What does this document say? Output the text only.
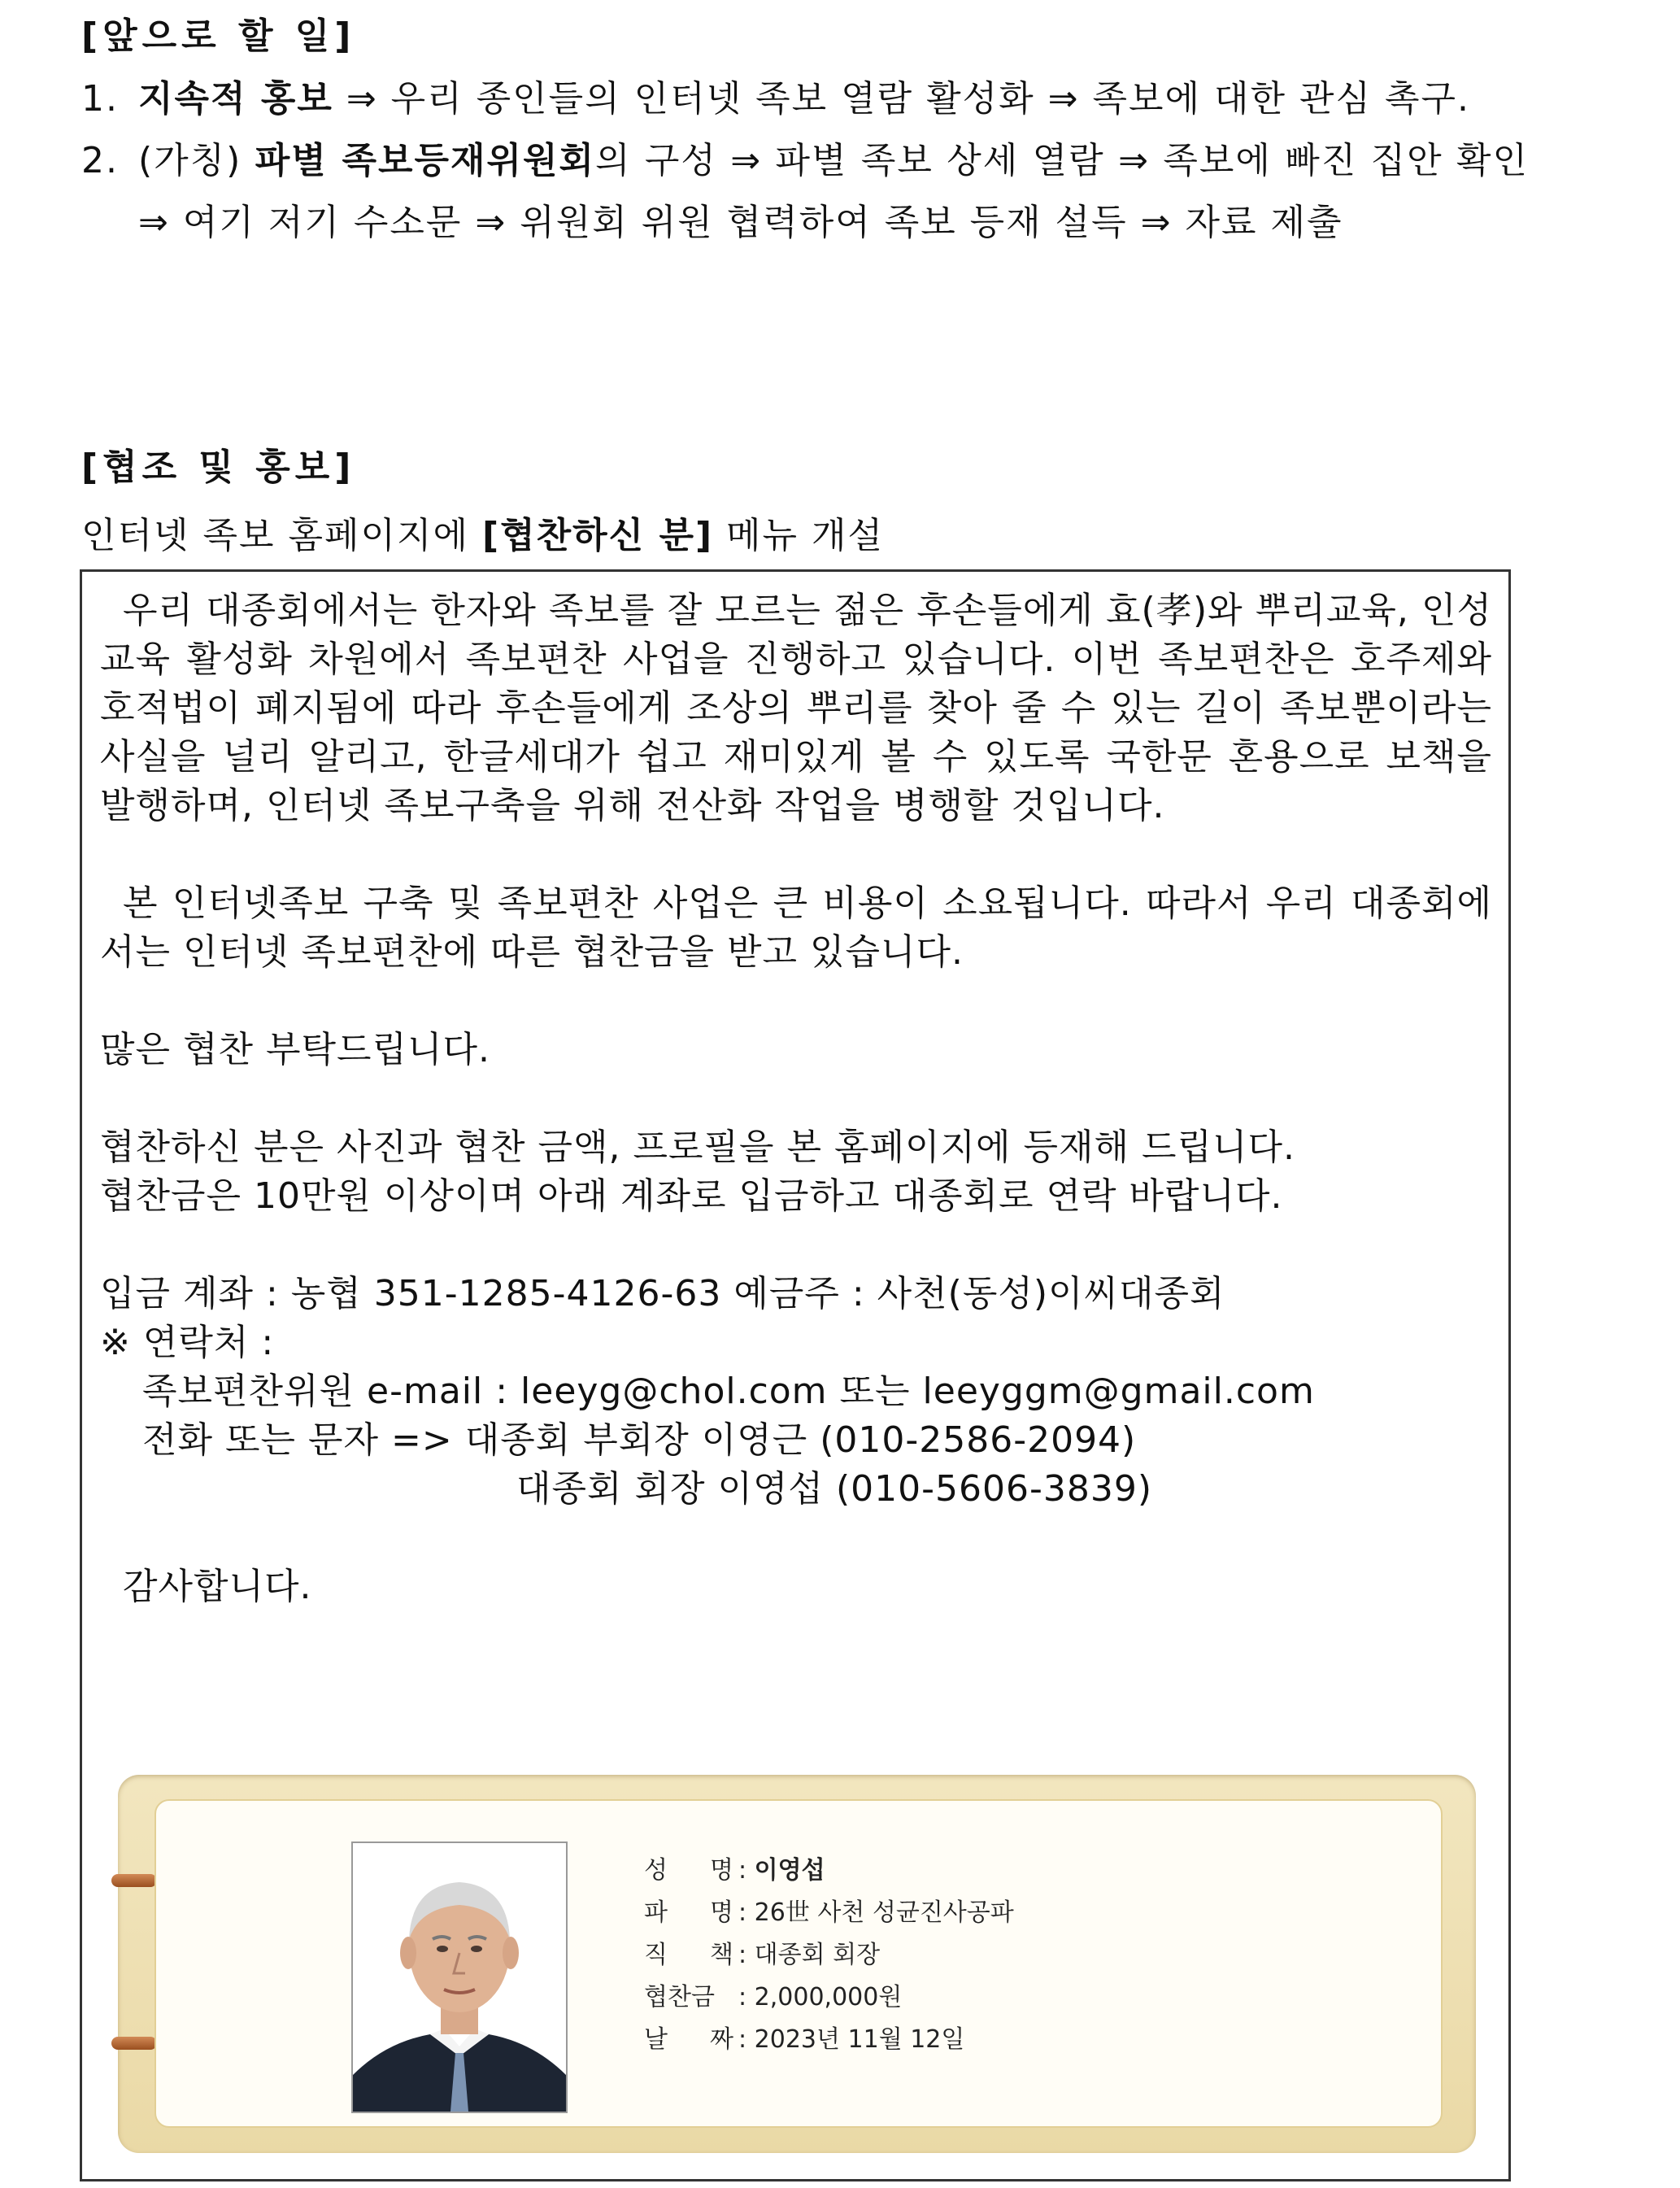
[앞으로 할 일]
1. 지속적 홍보 ⇒ 우리 종인들의 인터넷 족보 열람 활성화 ⇒ 족보에 대한 관심 촉구.
2. (가칭) 파별 족보등재위원회의 구성 ⇒ 파별 족보 상세 열람 ⇒ 족보에 빠진 집안 확인 ⇒ 여기 저기 수소문 ⇒ 위원회 위원 협력하여 족보 등재 설득 ⇒ 자료 제출
[협조 및 홍보]
인터넷 족보 홈페이지에 [협찬하신 분] 메뉴 개설

우리 대종회에서는 한자와 족보를 잘 모르는 젊은 후손들에게 효(孝)와 뿌리교육, 인성교육 활성화 차원에서 족보편찬 사업을 진행하고 있습니다. 이번 족보편찬은 호주제와 호적법이 폐지됨에 따라 후손들에게 조상의 뿌리를 찾아 줄 수 있는 길이 족보뿐이라는 사실을 널리 알리고, 한글세대가 쉽고 재미있게 볼 수 있도록 국한문 혼용으로 보책을 발행하며, 인터넷 족보구축을 위해 전산화 작업을 병행할 것입니다.

본 인터넷족보 구축 및 족보편찬 사업은 큰 비용이 소요됩니다. 따라서 우리 대종회에서는 인터넷 족보편찬에 따른 협찬금을 받고 있습니다.

많은 협찬 부탁드립니다.

협찬하신 분은 사진과 협찬 금액, 프로필을 본 홈페이지에 등재해 드립니다.

협찬금은 10만원 이상이며 아래 계좌로 입금하고 대종회로 연락 바랍니다.

입금 계좌 : 농협 351-1285-4126-63 예금주 : 사천(동성)이씨대종회

※ 연락처 :

족보편찬위원 e-mail : leeyg@chol.com 또는 leeyggm@gmail.com

전화 또는 문자 => 대종회 부회장 이영근 (010-2586-2094)

대종회 회장 이영섭 (010-5606-3839)

감사합니다.

성 명 : 이영섭
파 명 : 26世 사천 성균진사공파
직 책 : 대종회 회장
협찬금 : 2,000,000원
날 짜 : 2023년 11월 12일
